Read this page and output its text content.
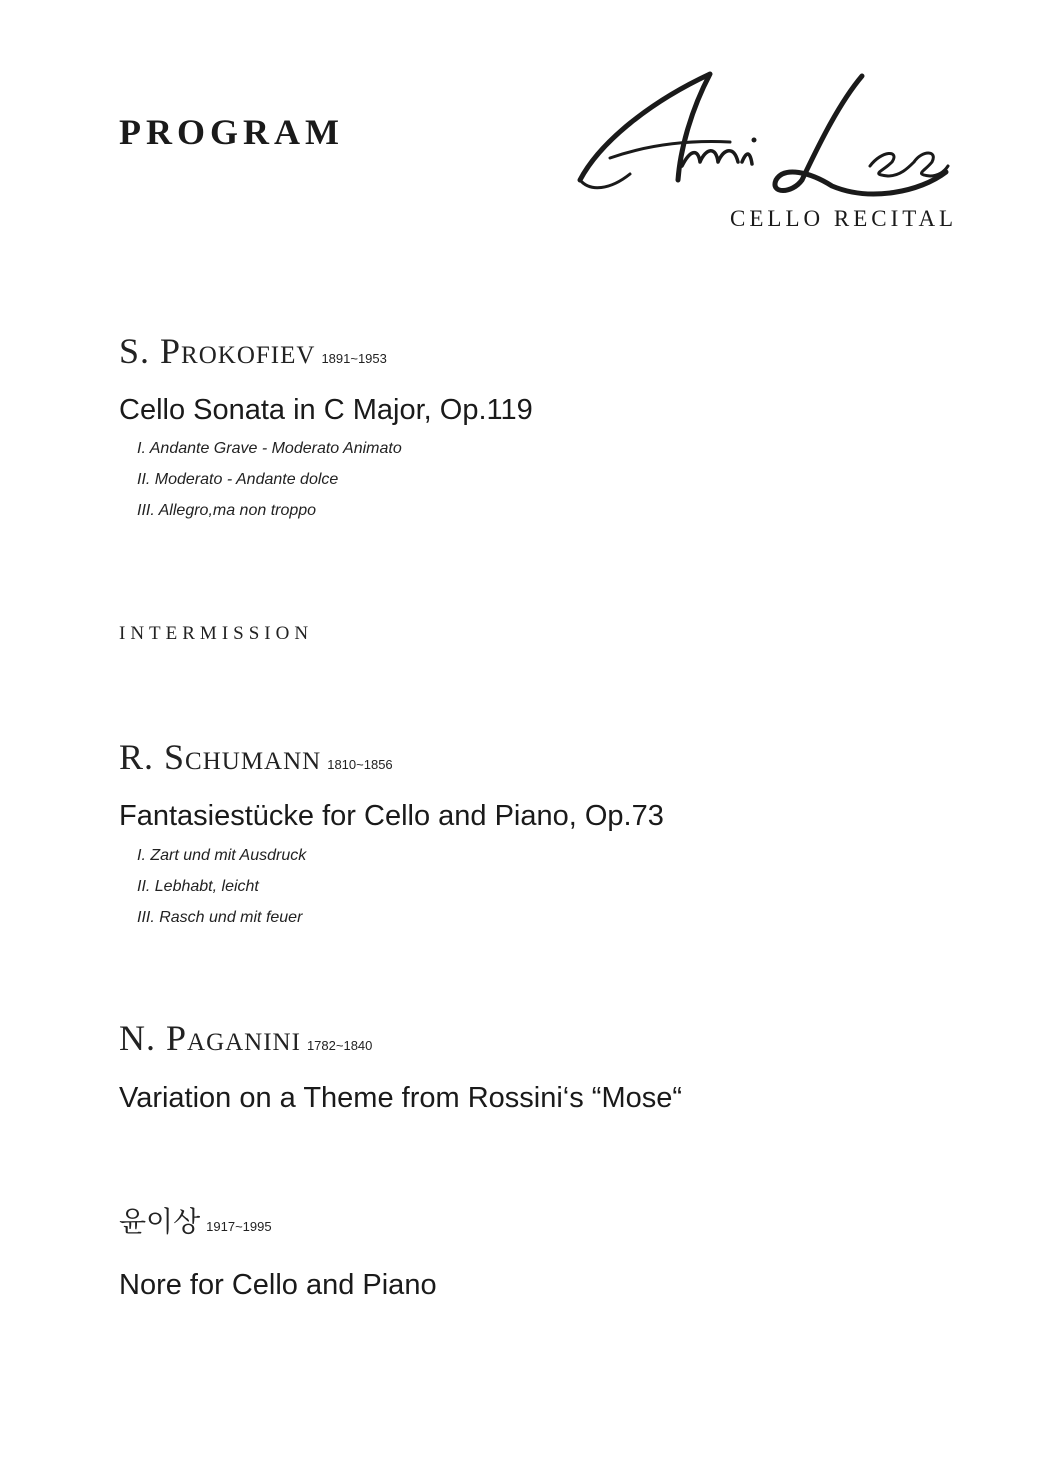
PROGRAM
CELLO RECITAL
S. Prokofiev 1891~1953
Cello Sonata in C Major, Op.119
I. Andante Grave - Moderato Animato
II. Moderato - Andante dolce
III. Allegro,ma non troppo
INTERMISSION
R. Schumann 1810~1856
Fantasiestücke for Cello and Piano, Op.73
I. Zart und mit Ausdruck
II. Lebhabt, leicht
III. Rasch und mit feuer
N. Paganini 1782~1840
Variation on a Theme from Rossini‘s “Mose“
윤이상 1917~1995
Nore for Cello and Piano
